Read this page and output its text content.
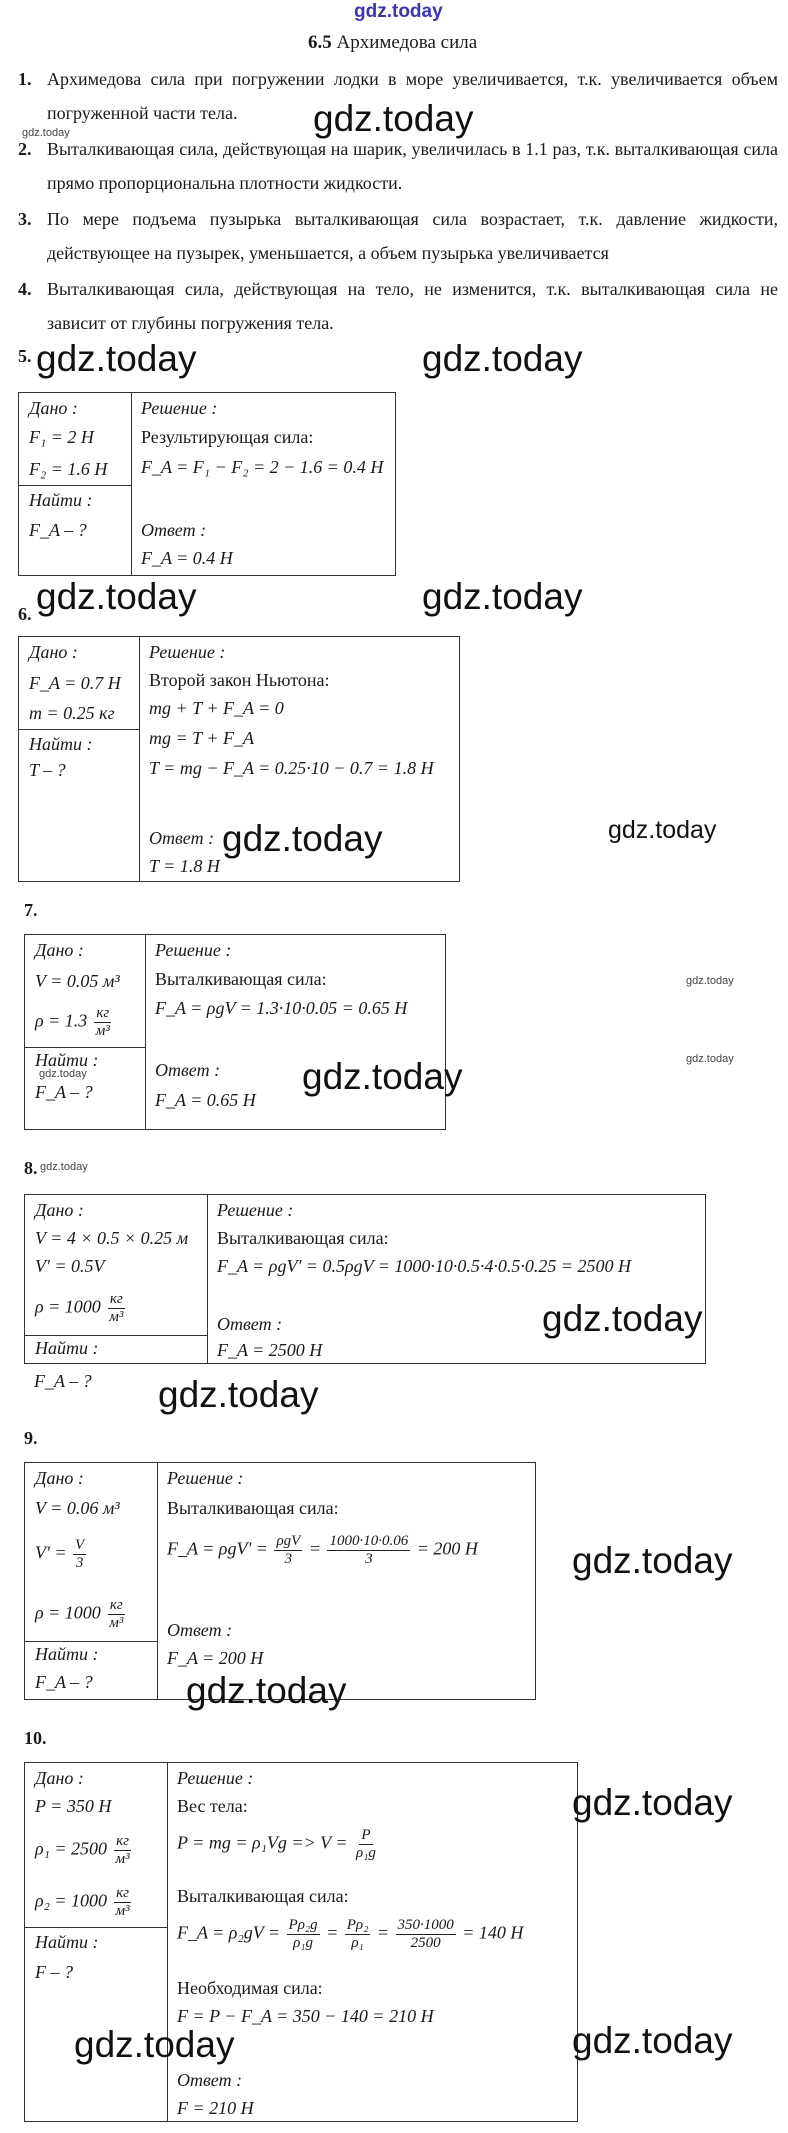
gdz.today
6.5 Архимедова сила
1. Архимедова сила при погружении лодки в море увеличивается, т.к. увеличивается объем погруженной части тела.
2. Выталкивающая сила, действующая на шарик, увеличилась в 1.1 раз, т.к. выталкивающая сила прямо пропорциональна плотности жидкости.
3. По мере подъема пузырька выталкивающая сила возрастает, т.к. давление жидкости, действующее на пузырек, уменьшается, а объем пузырька увеличивается
4. Выталкивающая сила, действующая на тело, не изменится, т.к. выталкивающая сила не зависит от глубины погружения тела.
gdz.today
gdz.today
5. gdz.today	gdz.today
Дано :
F₁ = 2 Н
F₂ = 1.6 Н
Найти :
F_A – ?
Решение :
Результирующая сила:
F_A = F₁ − F₂ = 2 − 1.6 = 0.4 Н
Ответ :
F_A = 0.4 Н
6. gdz.today	gdz.today
Дано :
F_A = 0.7 Н
m = 0.25 кг
Найти :
T – ?
Решение :
Второй закон Ньютона:
mg + T + F_A = 0
mg = T + F_A
T = mg − F_A = 0.25·10 − 0.7 = 1.8 Н
Ответ :
T = 1.8 Н
gdz.today	gdz.today
7.
Дано :
V = 0.05 м³
$\rho = 1.3 \frac{кг}{\text{м³}}$
Найти :
gdz.today
F_A – ?
Решение :
Выталкивающая сила:
F_A = ρgV = 1.3·10·0.05 = 0.65 Н
Ответ :
F_A = 0.65 Н
gdz.today
gdz.today
gdz.today
8. gdz.today
Дано :
V = 4 × 0.5 × 0.25 м
V' = 0.5V
$\rho = 1000 \frac{кг}{\text{м³}}$
Найти :
Решение :
Выталкивающая сила:
F_A = ρgV' = 0.5ρgV = 1000·10·0.5·4·0.5·0.25 = 2500 Н
Ответ :
F_A = 2500 Н
F_A – ?
gdz.today
gdz.today
9.
Дано :
V = 0.06 м³
$V' = \frac{V}{3}$
$\rho = 1000 \frac{кг}{\text{м³}}$
Найти :
F_A – ?
Решение :
Выталкивающая сила:
F_A = $\rho gV' = \frac{\text{ρgV}}{3} = \frac{1000\cdot 10\cdot 0.06}{3} = 200$ Н
Ответ :
F_A = 200 Н
gdz.today
gdz.today
10.
Дано :
P = 350 Н
$\rho_1 = 2500 \frac{кг}{\text{м³}}$
$\rho_2 = 1000 \frac{кг}{\text{м³}}$
Найти :
F – ?
Решение :
Вес тела:
P = mg = $\rho_1Vg => V = \frac{P}{\text{ρ₁g}}$
Выталкивающая сила:
F_A = $\rho_2gV = \frac{\text{Pρ₂g}}{\text{ρ₁g}} = \frac{\text{Pρ₂}}{\text{ρ₁}} = \frac{350\cdot 1000}{2500} = 140$ Н
Необходимая сила:
F = P − F_A = 350 − 140 = 210 Н
Ответ :
F = 210 Н
gdz.today
gdz.today	gdz.today
